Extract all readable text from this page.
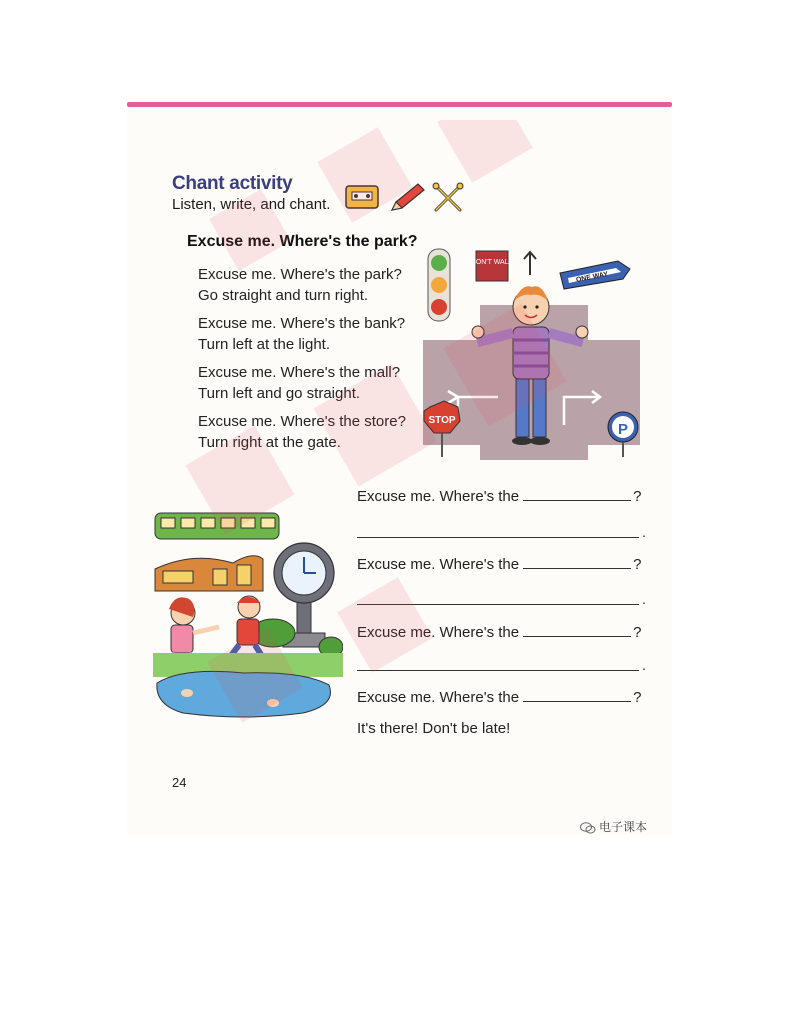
Chant activity
Listen, write, and chant.
Excuse me. Where's the park?
Excuse me. Where's the park?
Go straight and turn right.
Excuse me. Where's the bank?
Turn left at the light.
Excuse me. Where's the mall?
Turn left and go straight.
Excuse me. Where's the store?
Turn right at the gate.
DON'T WALK
ONE WAY
STOP
P
Excuse me. Where's the	?
.
Excuse me. Where's the	?
.
Excuse me. Where's the	?
.
Excuse me. Where's the	?
It's there! Don't be late!
24
电子课本
